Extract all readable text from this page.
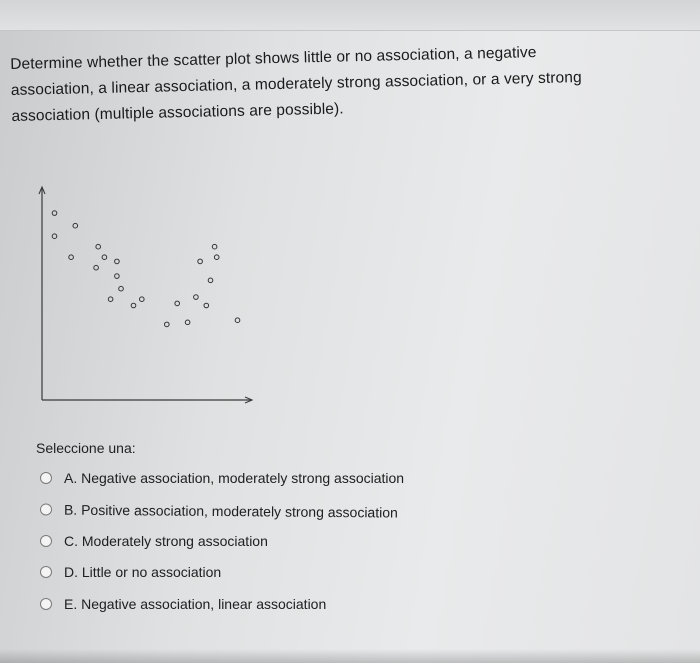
Determine whether the scatter plot shows little or no association, a negative
association, a linear association, a moderately strong association, or a very strong
association (multiple associations are possible).
Seleccione una:
A. Negative association, moderately strong association
B. Positive association, moderately strong association
C. Moderately strong association
D. Little or no association
E. Negative association, linear association
